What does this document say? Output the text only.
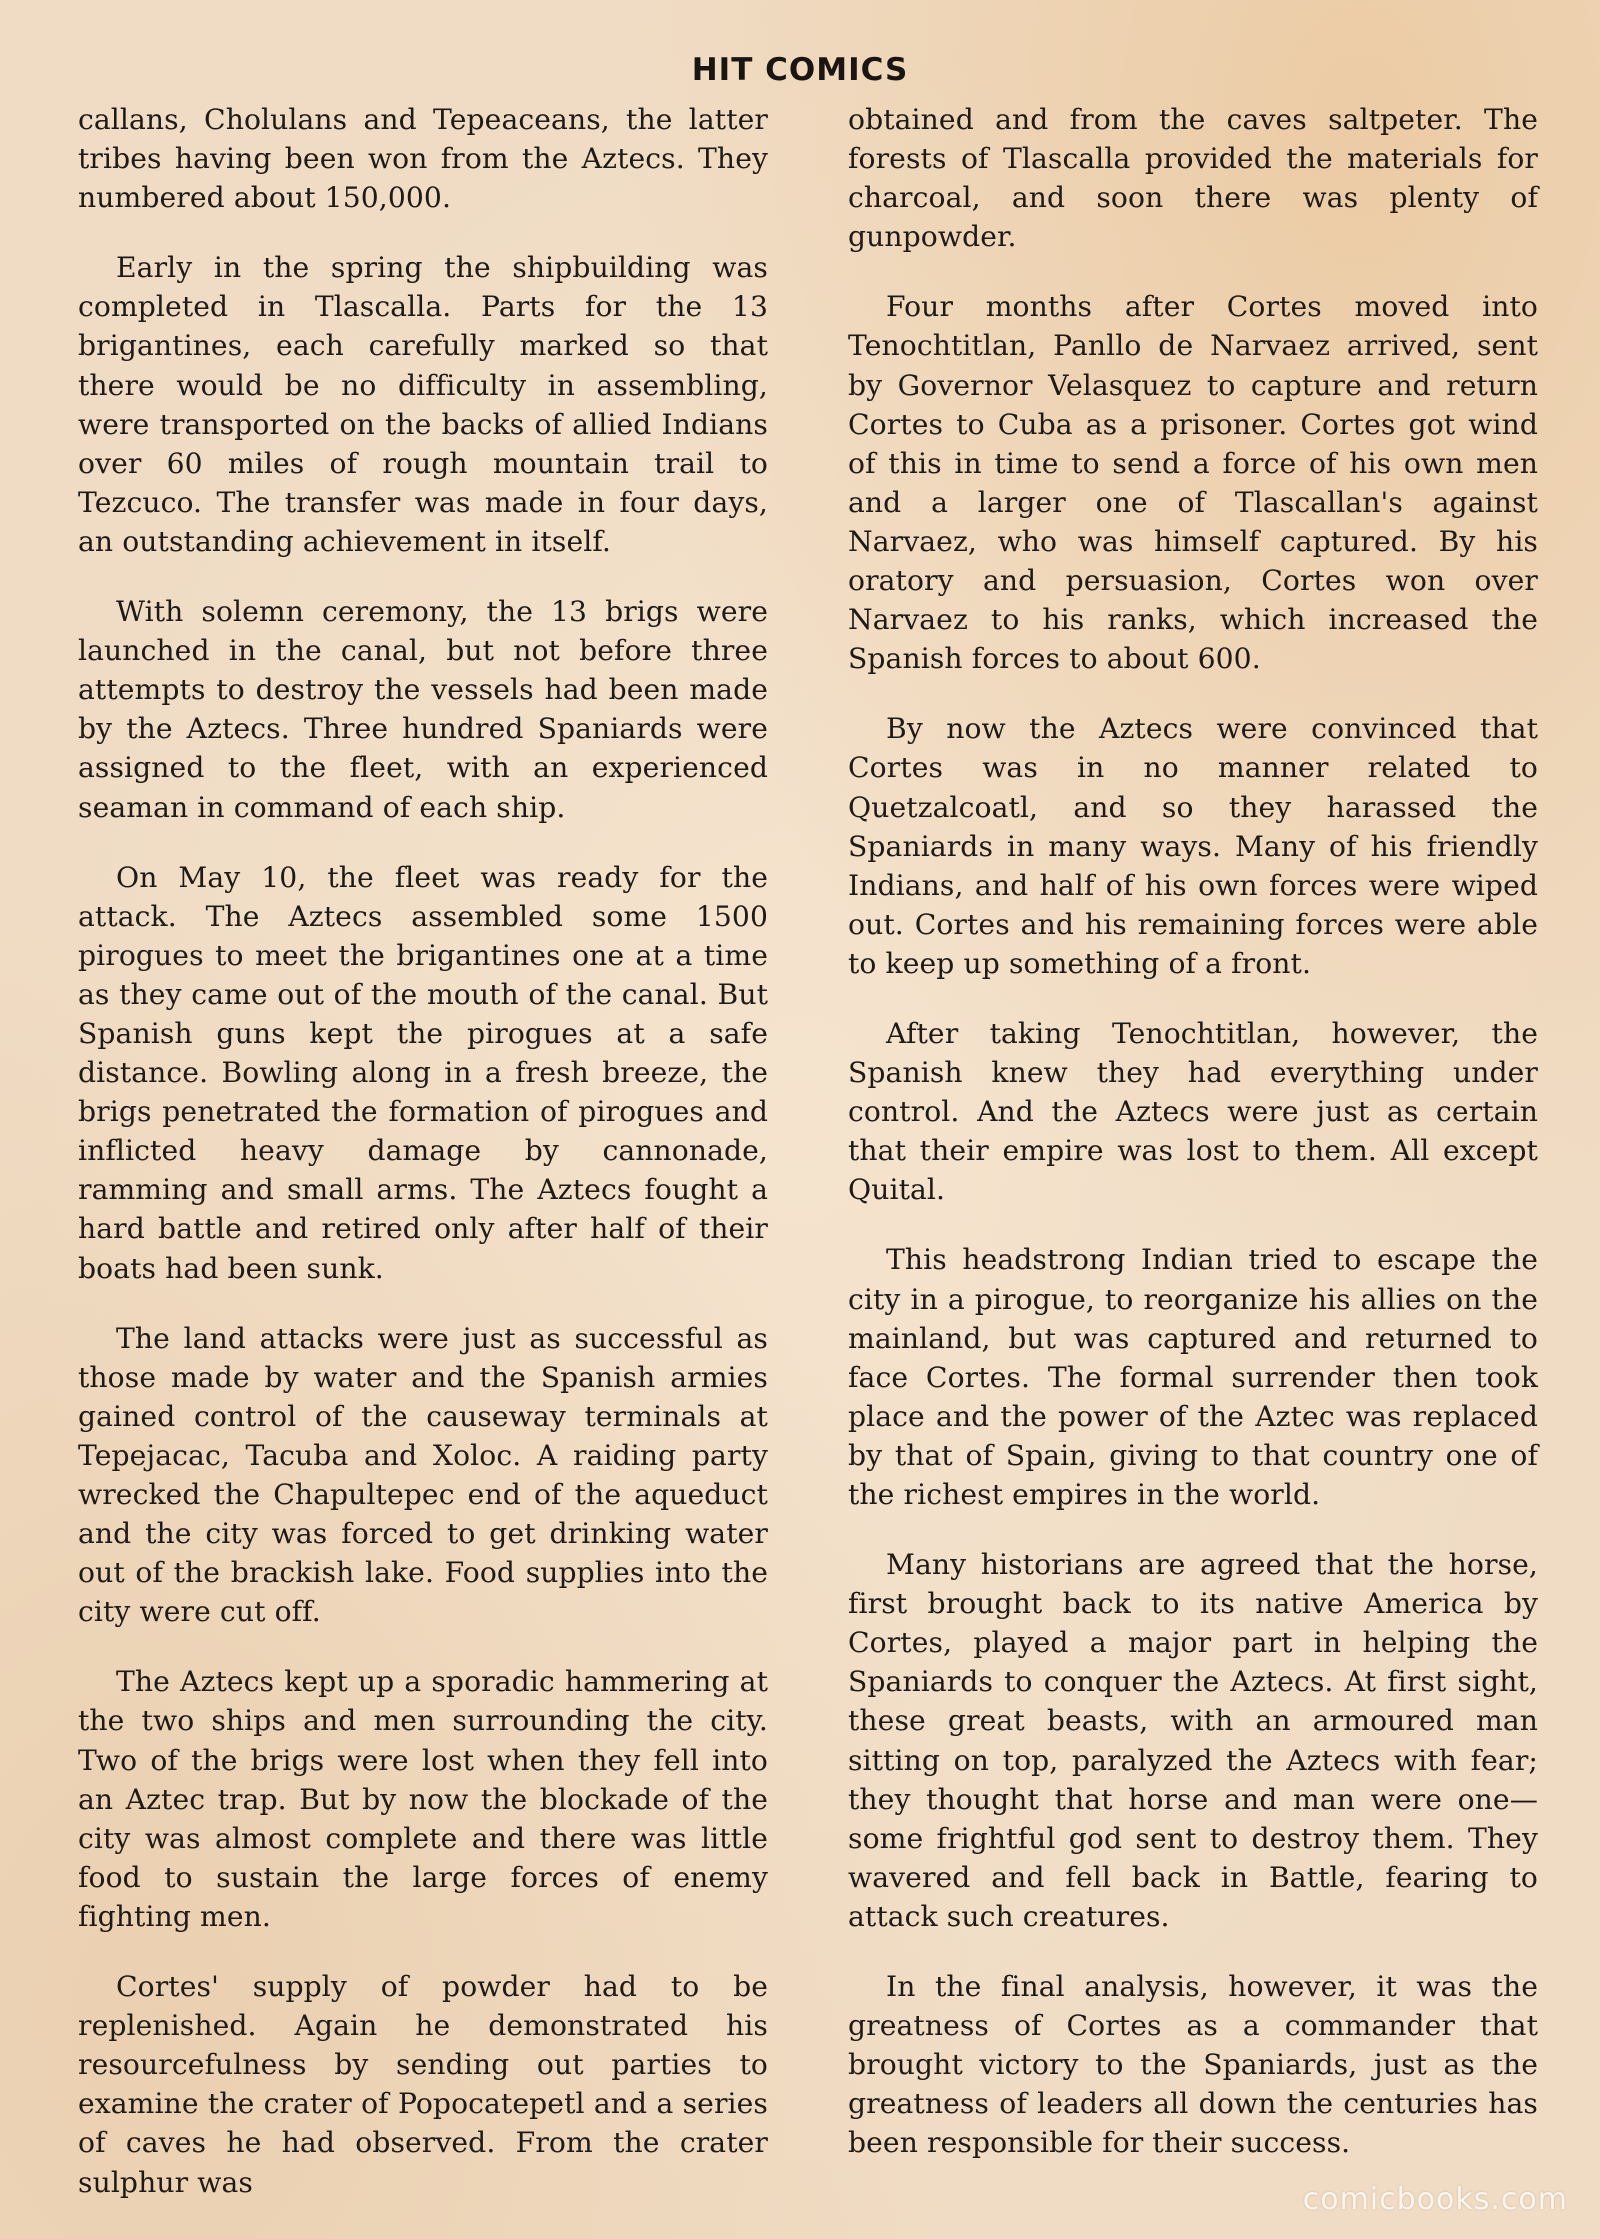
HIT COMICS

callans, Cholulans and Tepeaceans, the latter tribes having been won from the Aztecs. They numbered about 150,000.

Early in the spring the shipbuilding was completed in Tlascalla. Parts for the 13 brigantines, each carefully marked so that there would be no difficulty in assembling, were transported on the backs of allied Indians over 60 miles of rough mountain trail to Tezcuco. The transfer was made in four days, an outstanding achievement in itself.

With solemn ceremony, the 13 brigs were launched in the canal, but not before three attempts to destroy the vessels had been made by the Aztecs. Three hundred Spaniards were assigned to the fleet, with an experienced seaman in command of each ship.

On May 10, the fleet was ready for the attack. The Aztecs assembled some 1500 pirogues to meet the brigantines one at a time as they came out of the mouth of the canal. But Spanish guns kept the pirogues at a safe distance. Bowling along in a fresh breeze, the brigs penetrated the formation of pirogues and inflicted heavy damage by cannonade, ramming and small arms. The Aztecs fought a hard battle and retired only after half of their boats had been sunk.

The land attacks were just as successful as those made by water and the Spanish armies gained control of the causeway terminals at Tepejacac, Tacuba and Xoloc. A raiding party wrecked the Chapultepec end of the aqueduct and the city was forced to get drinking water out of the brackish lake. Food supplies into the city were cut off.

The Aztecs kept up a sporadic hammering at the two ships and men surrounding the city. Two of the brigs were lost when they fell into an Aztec trap. But by now the blockade of the city was almost complete and there was little food to sustain the large forces of enemy fighting men.

Cortes' supply of powder had to be replenished. Again he demonstrated his resourcefulness by sending out parties to examine the crater of Popocatepetl and a series of caves he had observed. From the crater sulphur was

obtained and from the caves saltpeter. The forests of Tlascalla provided the materials for charcoal, and soon there was plenty of gunpowder.

Four months after Cortes moved into Tenochtitlan, Panllo de Narvaez arrived, sent by Governor Velasquez to capture and return Cortes to Cuba as a prisoner. Cortes got wind of this in time to send a force of his own men and a larger one of Tlascallan's against Narvaez, who was himself captured. By his oratory and persuasion, Cortes won over Narvaez to his ranks, which increased the Spanish forces to about 600.

By now the Aztecs were convinced that Cortes was in no manner related to Quetzalcoatl, and so they harassed the Spaniards in many ways. Many of his friendly Indians, and half of his own forces were wiped out. Cortes and his remaining forces were able to keep up something of a front.

After taking Tenochtitlan, however, the Spanish knew they had everything under control. And the Aztecs were just as certain that their empire was lost to them. All except Quital.

This headstrong Indian tried to escape the city in a pirogue, to reorganize his allies on the mainland, but was captured and returned to face Cortes. The formal surrender then took place and the power of the Aztec was replaced by that of Spain, giving to that country one of the richest empires in the world.

Many historians are agreed that the horse, first brought back to its native America by Cortes, played a major part in helping the Spaniards to conquer the Aztecs. At first sight, these great beasts, with an armoured man sitting on top, paralyzed the Aztecs with fear; they thought that horse and man were one— some frightful god sent to destroy them. They wavered and fell back in Battle, fearing to attack such creatures.

In the final analysis, however, it was the greatness of Cortes as a commander that brought victory to the Spaniards, just as the greatness of leaders all down the centuries has been responsible for their success.

comicbooks.com
